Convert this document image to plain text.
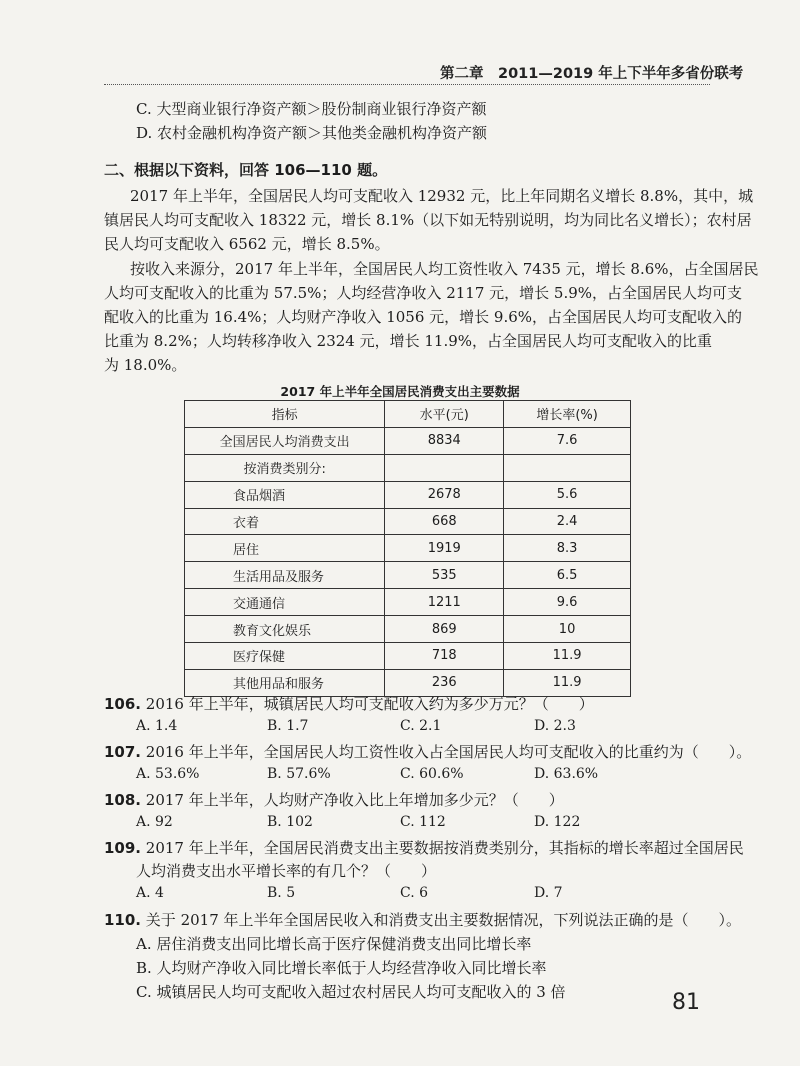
第二章　2011—2019 年上下半年多省份联考
C. 大型商业银行净资产额＞股份制商业银行净资产额
D. 农村金融机构净资产额＞其他类金融机构净资产额
二、根据以下资料，回答 106—110 题。
2017 年上半年，全国居民人均可支配收入 12932 元，比上年同期名义增长 8.8%，其中，城
镇居民人均可支配收入 18322 元，增长 8.1%（以下如无特别说明，均为同比名义增长）；农村居
民人均可支配收入 6562 元，增长 8.5%。
按收入来源分，2017 年上半年，全国居民人均工资性收入 7435 元，增长 8.6%，占全国居民
人均可支配收入的比重为 57.5%；人均经营净收入 2117 元，增长 5.9%，占全国居民人均可支
配收入的比重为 16.4%；人均财产净收入 1056 元，增长 9.6%，占全国居民人均可支配收入的
比重为 8.2%；人均转移净收入 2324 元，增长 11.9%，占全国居民人均可支配收入的比重
为 18.0%。
2017 年上半年全国居民消费支出主要数据
指标	水平(元)	增长率(%)
全国居民人均消费支出	8834	7.6
按消费类别分:		
食品烟酒	2678	5.6
衣着	668	2.4
居住	1919	8.3
生活用品及服务	535	6.5
交通通信	1211	9.6
教育文化娱乐	869	10
医疗保健	718	11.9
其他用品和服务	236	11.9
106. 2016 年上半年，城镇居民人均可支配收入约为多少万元？（　　）
A. 1.4	B. 1.7	C. 2.1	D. 2.3
107. 2016 年上半年，全国居民人均工资性收入占全国居民人均可支配收入的比重约为（　　）。
A. 53.6%	B. 57.6%	C. 60.6%	D. 63.6%
108. 2017 年上半年，人均财产净收入比上年增加多少元？（　　）
A. 92	B. 102	C. 112	D. 122
109. 2017 年上半年，全国居民消费支出主要数据按消费类别分，其指标的增长率超过全国居民
人均消费支出水平增长率的有几个？（　　）
A. 4	B. 5	C. 6	D. 7
110. 关于 2017 年上半年全国居民收入和消费支出主要数据情况，下列说法正确的是（　　）。
A. 居住消费支出同比增长高于医疗保健消费支出同比增长率
B. 人均财产净收入同比增长率低于人均经营净收入同比增长率
C. 城镇居民人均可支配收入超过农村居民人均可支配收入的 3 倍	81
